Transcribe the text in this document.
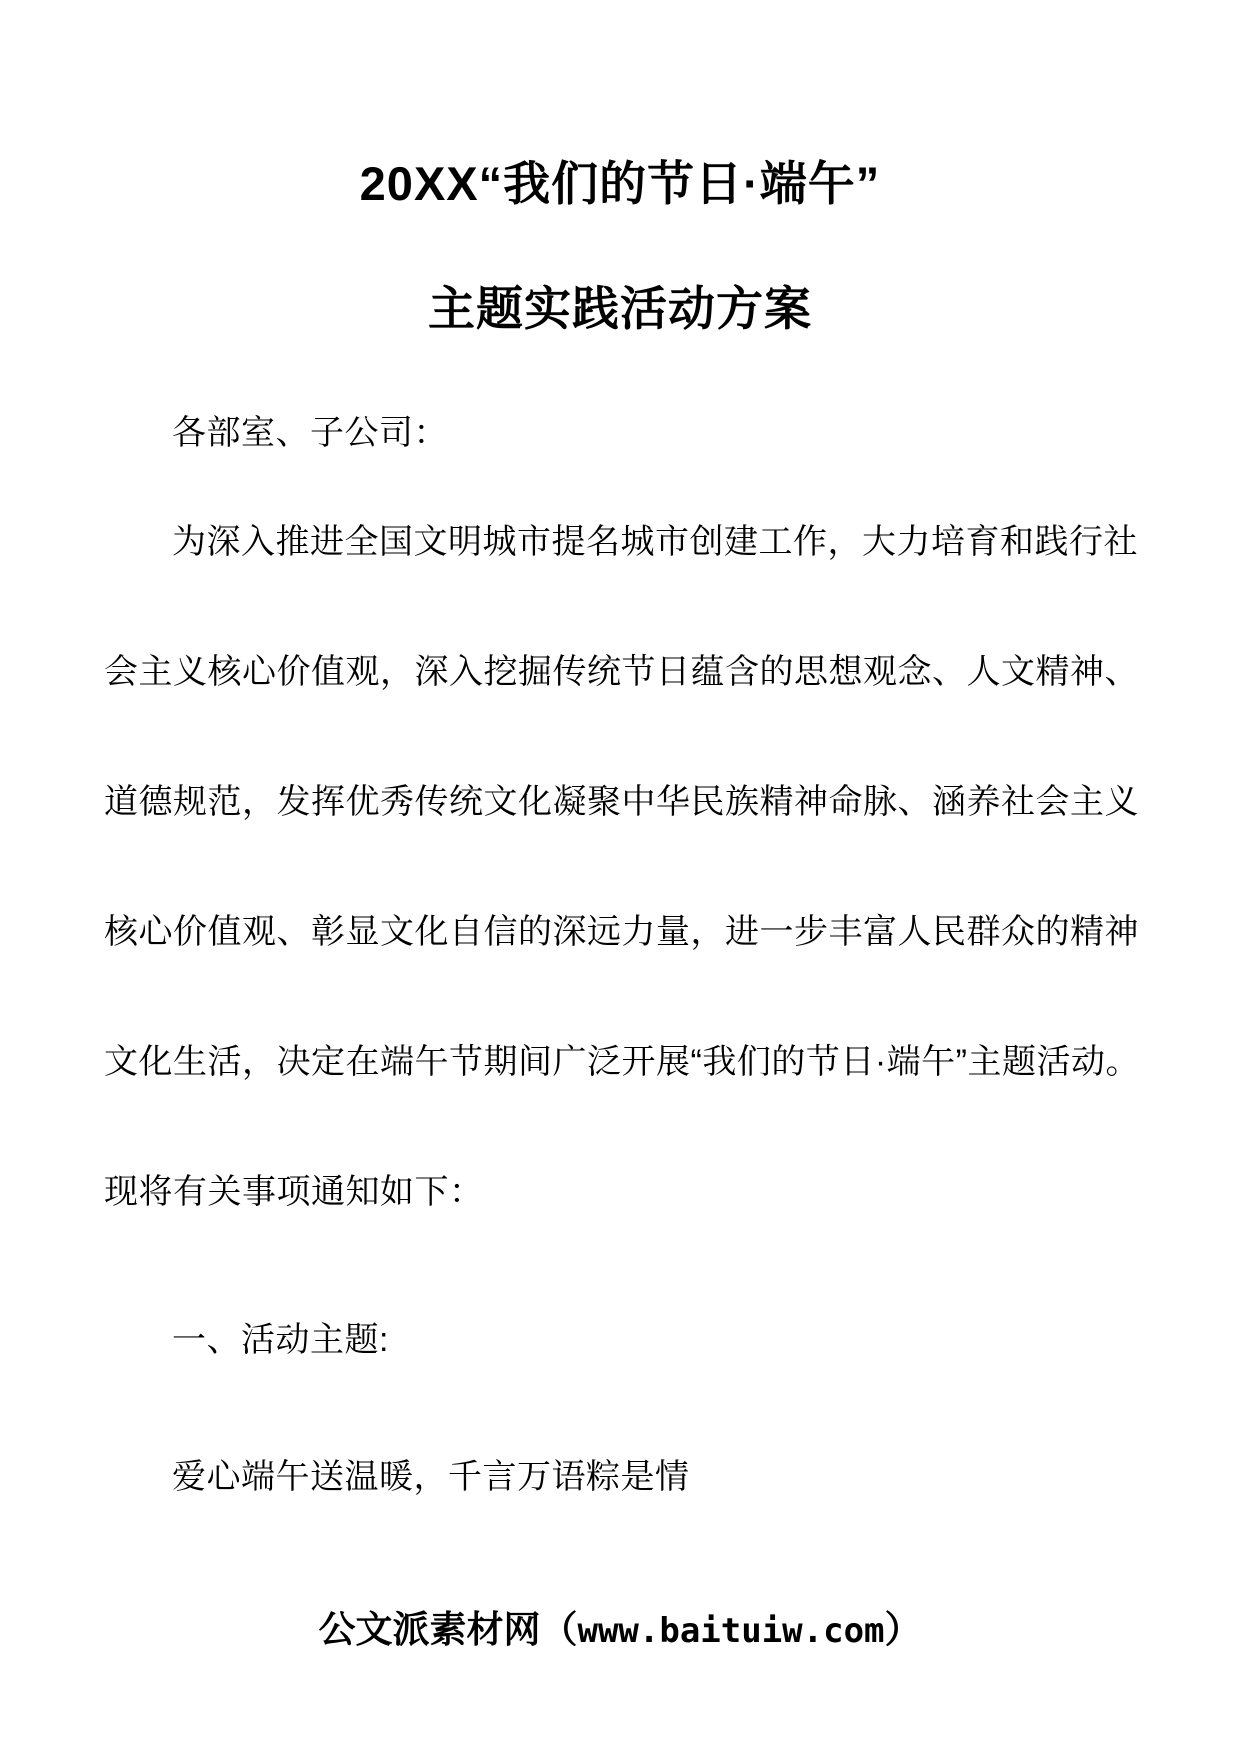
20XX“我们的节日·端午”
主题实践活动方案
各部室、子公司：
为深入推进全国文明城市提名城市创建工作，大力培育和践行社
会主义核心价值观，深入挖掘传统节日蕴含的思想观念、人文精神、
道德规范，发挥优秀传统文化凝聚中华民族精神命脉、涵养社会主义
核心价值观、彰显文化自信的深远力量，进一步丰富人民群众的精神
文化生活，决定在端午节期间广泛开展“我们的节日·端午”主题活动。
现将有关事项通知如下：
一、活动主题:
爱心端午送温暖，千言万语粽是情
公文派素材网（www.baituiw.com）
